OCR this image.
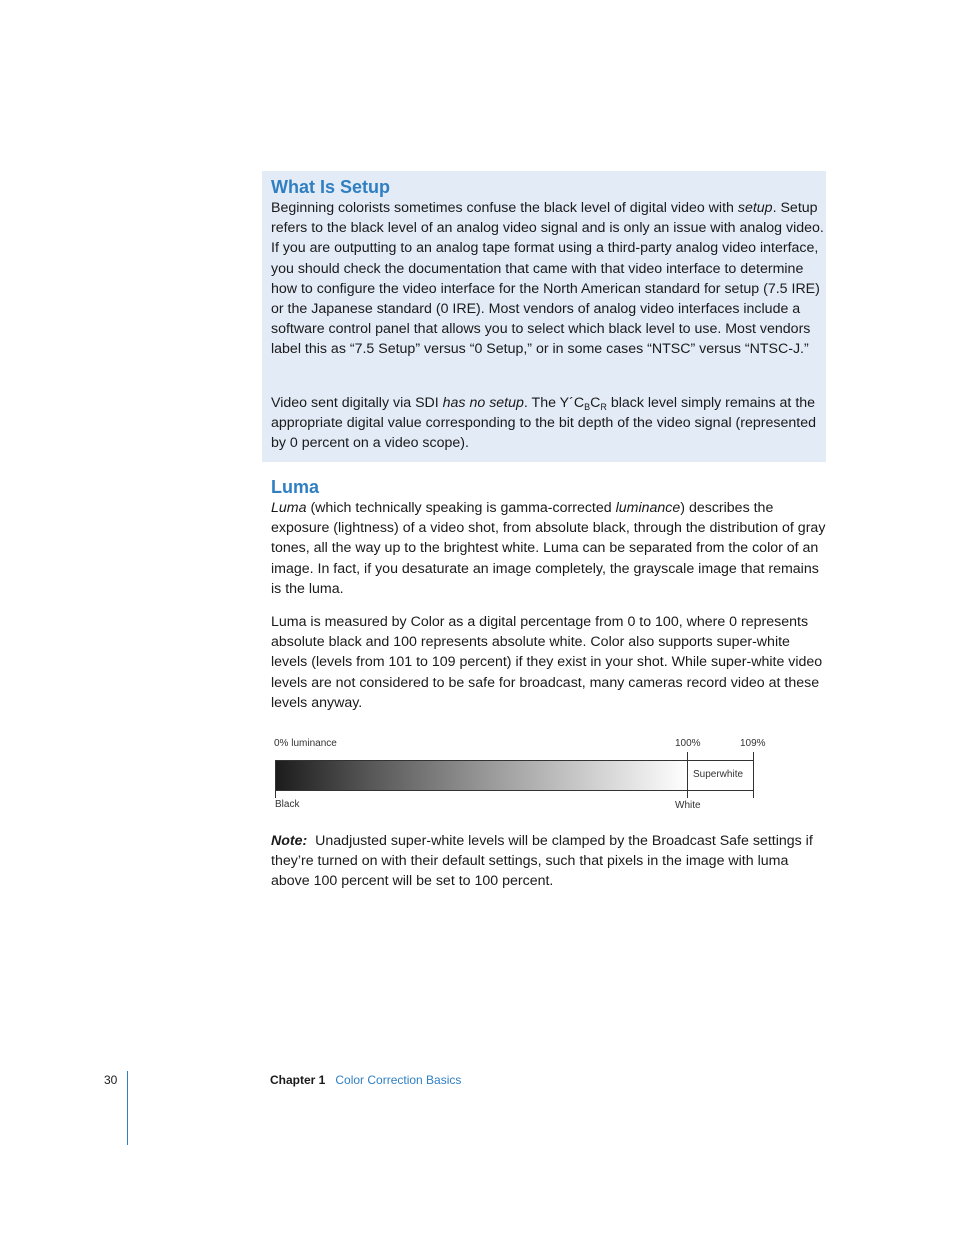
What Is Setup

Beginning colorists sometimes confuse the black level of digital video with setup. Setup refers to the black level of an analog video signal and is only an issue with analog video. If you are outputting to an analog tape format using a third-party analog video interface, you should check the documentation that came with that video interface to determine how to configure the video interface for the North American standard for setup (7.5 IRE) or the Japanese standard (0 IRE). Most vendors of analog video interfaces include a software control panel that allows you to select which black level to use. Most vendors label this as “7.5 Setup” versus “0 Setup,” or in some cases “NTSC” versus “NTSC-J.”

Video sent digitally via SDI has no setup. The $Y´C_BC_R$ black level simply remains at the appropriate digital value corresponding to the bit depth of the video signal (represented by 0 percent on a video scope).

Luma

Luma (which technically speaking is gamma-corrected luminance) describes the exposure (lightness) of a video shot, from absolute black, through the distribution of gray tones, all the way up to the brightest white. Luma can be separated from the color of an image. In fact, if you desaturate an image completely, the grayscale image that remains is the luma.

Luma is measured by Color as a digital percentage from 0 to 100, where 0 represents absolute black and 100 represents absolute white. Color also supports super-white levels (levels from 101 to 109 percent) if they exist in your shot. While super-white video levels are not considered to be safe for broadcast, many cameras record video at these levels anyway.

0% luminance	100%	109%
Superwhite
Black	White

Note: Unadjusted super-white levels will be clamped by the Broadcast Safe settings if they’re turned on with their default settings, such that pixels in the image with luma above 100 percent will be set to 100 percent.

30	Chapter 1 Color Correction Basics
